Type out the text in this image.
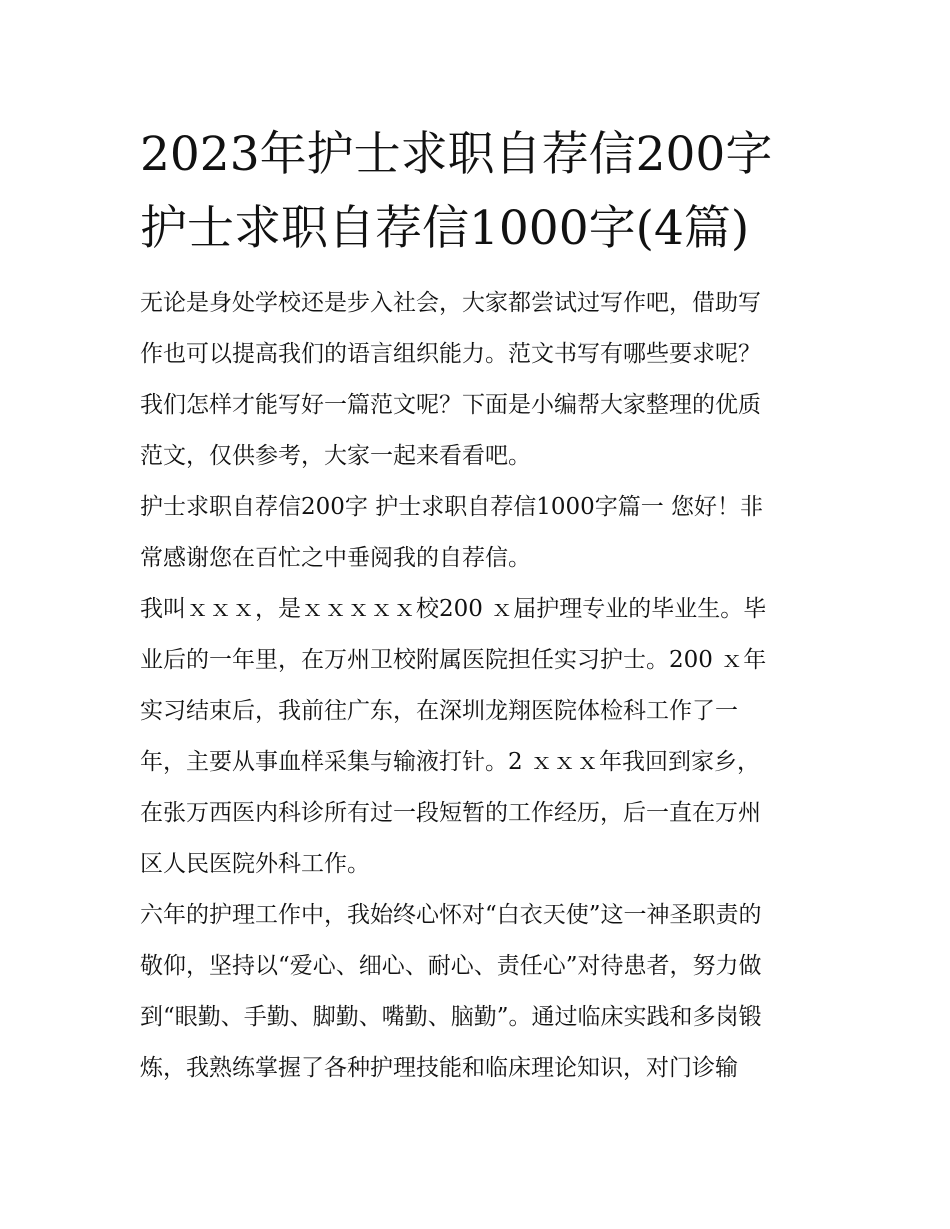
2023年护士求职自荐信200字
护士求职自荐信1000字(4篇)

无论是身处学校还是步入社会，大家都尝试过写作吧，借助写
作也可以提高我们的语言组织能力。范文书写有哪些要求呢？
我们怎样才能写好一篇范文呢？下面是小编帮大家整理的优质
范文，仅供参考，大家一起来看看吧。

护士求职自荐信200字 护士求职自荐信1000字篇一 您好！非
常感谢您在百忙之中垂阅我的自荐信。

我叫ｘｘｘ，是ｘｘｘｘｘ校200 ｘ届护理专业的毕业生。毕
业后的一年里，在万州卫校附属医院担任实习护士。200 ｘ年
实习结束后，我前往广东，在深圳龙翔医院体检科工作了一
年，主要从事血样采集与输液打针。2 ｘｘｘ年我回到家乡，
在张万西医内科诊所有过一段短暂的工作经历，后一直在万州
区人民医院外科工作。

六年的护理工作中，我始终心怀对“白衣天使”这一神圣职责的
敬仰，坚持以“爱心、细心、耐心、责任心”对待患者，努力做
到“眼勤、手勤、脚勤、嘴勤、脑勤”。通过临床实践和多岗锻
炼，我熟练掌握了各种护理技能和临床理论知识，对门诊输
